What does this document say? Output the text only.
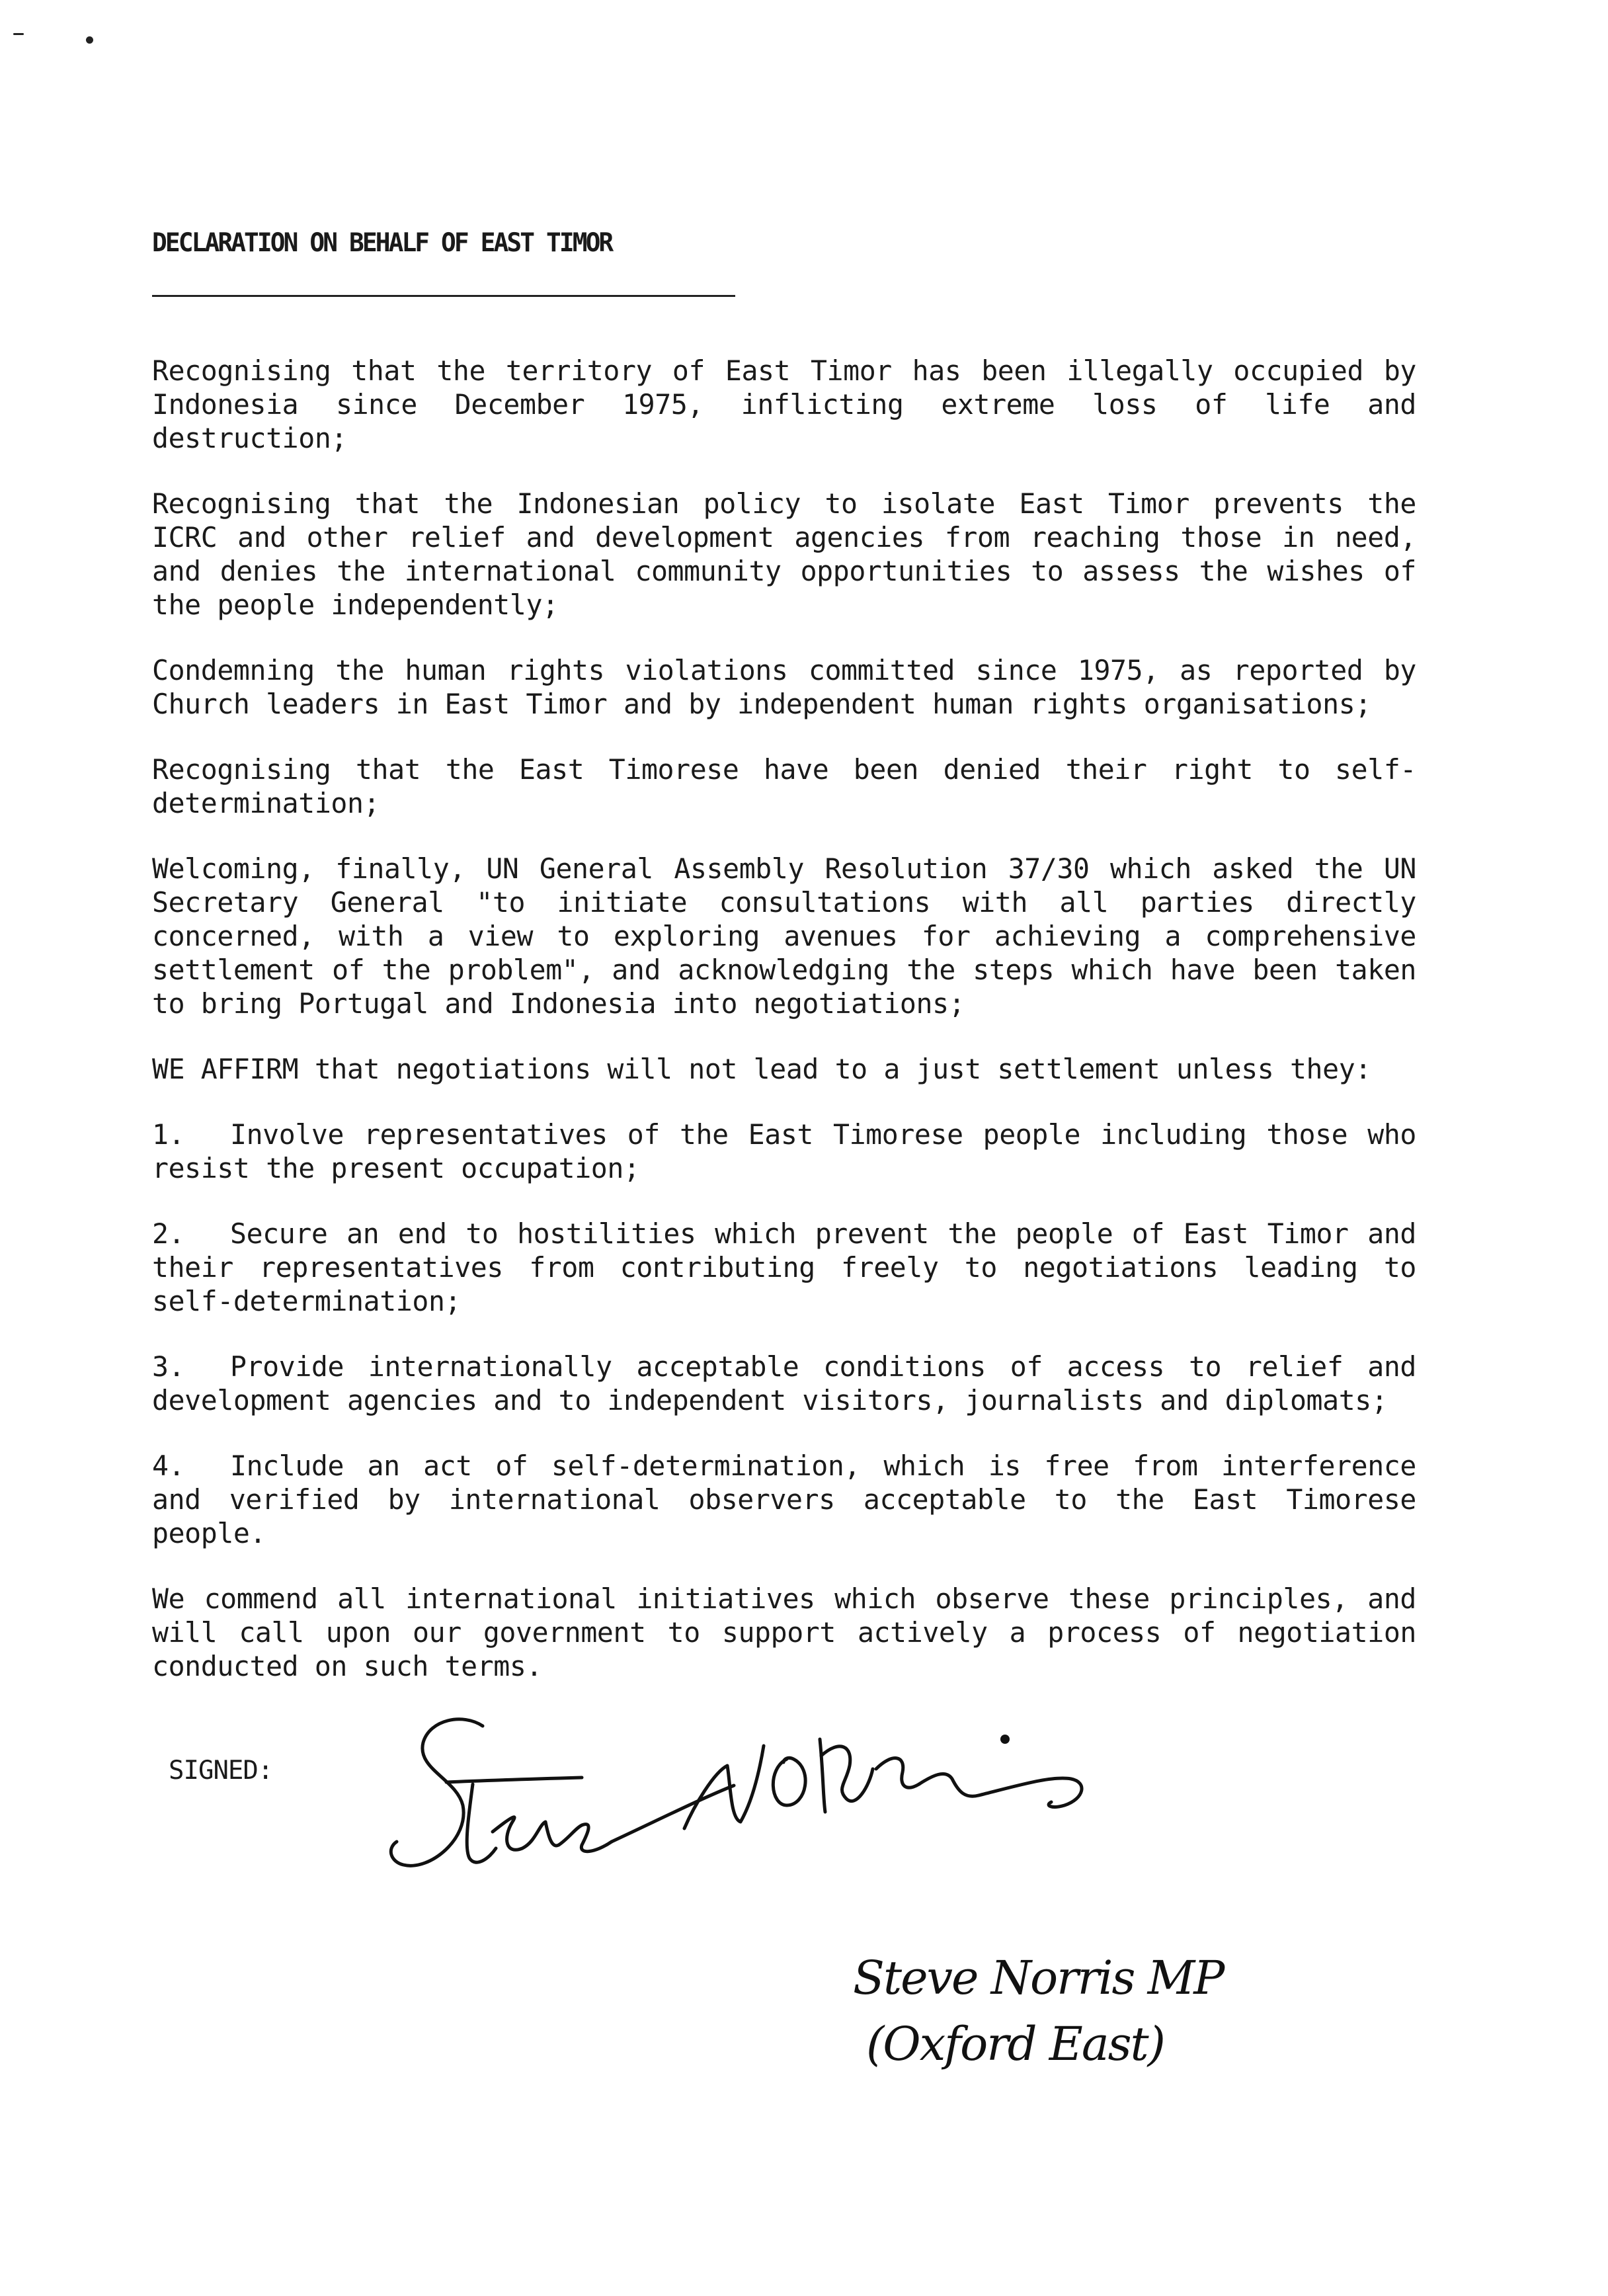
DECLARATION ON BEHALF OF EAST TIMOR

Recognising that the territory of East Timor has been illegally occupied by Indonesia since December 1975, inflicting extreme loss of life and destruction;

Recognising that the Indonesian policy to isolate East Timor prevents the ICRC and other relief and development agencies from reaching those in need, and denies the international community opportunities to assess the wishes of the people independently;

Condemning the human rights violations committed since 1975, as reported by Church leaders in East Timor and by independent human rights organisations;

Recognising that the East Timorese have been denied their right to self-determination;

Welcoming, finally, UN General Assembly Resolution 37/30 which asked the UN Secretary General "to initiate consultations with all parties directly concerned, with a view to exploring avenues for achieving a comprehensive settlement of the problem", and acknowledging the steps which have been taken to bring Portugal and Indonesia into negotiations;

WE AFFIRM that negotiations will not lead to a just settlement unless they:

1. Involve representatives of the East Timorese people including those who resist the present occupation;

2. Secure an end to hostilities which prevent the people of East Timor and their representatives from contributing freely to negotiations leading to self-determination;

3. Provide internationally acceptable conditions of access to relief and development agencies and to independent visitors, journalists and diplomats;

4. Include an act of self-determination, which is free from interference and verified by international observers acceptable to the East Timorese people.

We commend all international initiatives which observe these principles, and will call upon our government to support actively a process of negotiation conducted on such terms.

SIGNED:
Steve Norris MP
(Oxford East)
